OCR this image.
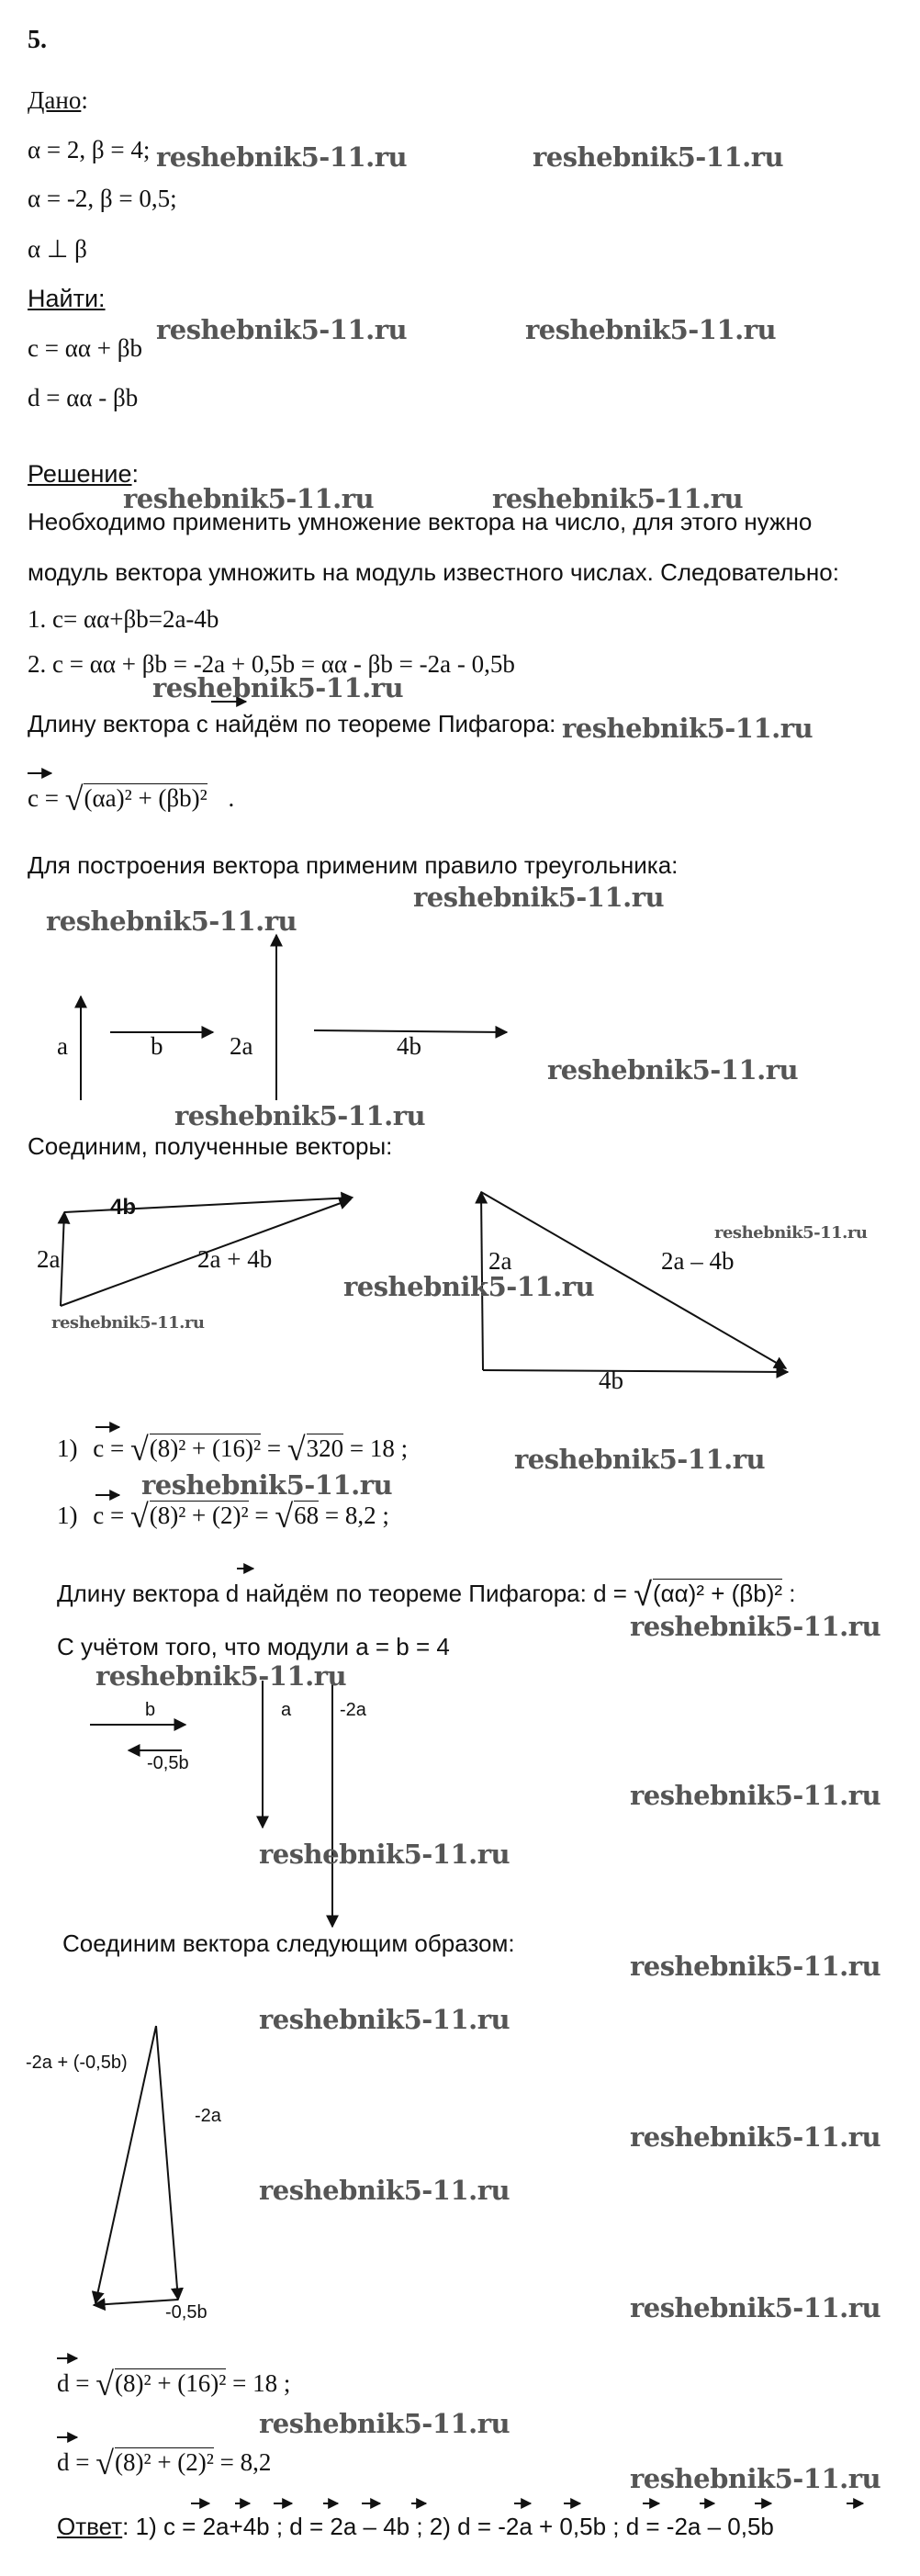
5.
Дано:
α = 2, β = 4;
α = -2, β = 0,5;
α ⊥ β
Найти:
c = αα + βb
d = αα - βb
Решение:
Необходимо применить умножение вектора на число, для этого нужно
модуль вектора умножить на модуль известного числах. Следовательно:
1. c= αα+βb=2a-4b
2. c = αα + βb = -2a + 0,5b = αα - βb = -2a - 0,5b
Длину вектора c найдём по теореме Пифагора:
c = √(αa)² + (βb)² .
Для построения вектора применим правило треугольника:
a	b	2a	4b
Соединим, полученные векторы:
4b
2a	2a + 4b	2a	2a – 4b
4b
1) c = √(8)² + (16)² = √320 = 18 ;
1) c = √(8)² + (2)² = √68 = 8,2 ;
Длину вектора d найдём по теореме Пифагора: d = √(αα)² + (βb)² :
С учётом того, что модули a = b = 4
b
-0,5b
a	-2a
Соединим вектора следующим образом:
-2a + (-0,5b)
-2a
-0,5b
d = √(8)² + (16)² = 18 ;
d = √(8)² + (2)² = 8,2
Ответ: 1) c = 2a+4b ; d = 2a – 4b ; 2) d = -2a + 0,5b ; d = -2a – 0,5b
reshebnik5-11.ru	reshebnik5-11.ru
reshebnik5-11.ru	reshebnik5-11.ru
reshebnik5-11.ru	reshebnik5-11.ru
reshebnik5-11.ru
reshebnik5-11.ru
reshebnik5-11.ru
reshebnik5-11.ru
reshebnik5-11.ru
reshebnik5-11.ru
reshebnik5-11.ru
reshebnik5-11.ru
reshebnik5-11.ru
reshebnik5-11.ru
reshebnik5-11.ru
reshebnik5-11.ru
reshebnik5-11.ru
reshebnik5-11.ru
reshebnik5-11.ru
reshebnik5-11.ru
reshebnik5-11.ru
reshebnik5-11.ru
reshebnik5-11.ru
reshebnik5-11.ru
reshebnik5-11.ru
reshebnik5-11.ru
